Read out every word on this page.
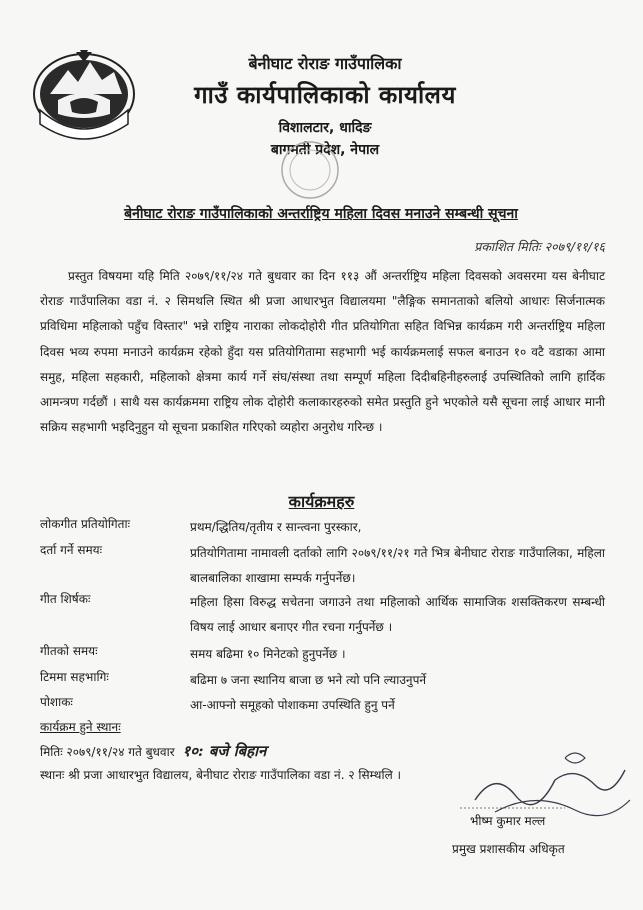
बेनीघाट रोराङ गाउँपालिका
गाउँ कार्यपालिकाको कार्यालय
विशालटार, धादिङ
बागमती प्रदेश, नेपाल
बेनीघाट रोराङ गाउँपालिकाको अन्तर्राष्ट्रिय महिला दिवस मनाउने सम्बन्धी सूचना
प्रकाशित मितिः २०७९/११/१६
प्रस्तुत विषयमा यहि मिति २०७९/११/२४ गते बुधवार का दिन ११३ औं अन्तर्राष्ट्रिय महिला दिवसको अवसरमा यस बेनीघाट रोराङ गाउँपालिका वडा नं. २ सिमथलि स्थित श्री प्रजा आधारभुत विद्यालयमा "लैङ्गिक समानताको बलियो आधारः सिर्जनात्मक प्रविधिमा महिलाको पहुँच विस्तार" भन्ने राष्ट्रिय नाराका लोकदोहोरी गीत प्रतियोगिता सहित विभिन्न कार्यक्रम गरी अन्तर्राष्ट्रिय महिला दिवस भव्य रुपमा मनाउने कार्यक्रम रहेको हुँदा यस प्रतियोगितामा सहभागी भई कार्यक्रमलाई सफल बनाउन १० वटै वडाका आमा समुह, महिला सहकारी, महिलाको क्षेत्रमा कार्य गर्ने संघ/संस्था तथा सम्पूर्ण महिला दिदीबहिनीहरुलाई उपस्थितिको लागि हार्दिक आमन्त्रण गर्दछौं । साथै यस कार्यक्रममा राष्ट्रिय लोक दोहोरी कलाकारहरुको समेत प्रस्तुति हुने भएकोले यसै सूचना लाई आधार मानी सक्रिय सहभागी भइदिनुहुन यो सूचना प्रकाशित गरिएको व्यहोरा अनुरोध गरिन्छ ।
कार्यक्रमहरु
लोकगीत प्रतियोगिताः	प्रथम/द्धितिय/तृतीय र सान्त्वना पुरस्कार,
दर्ता गर्ने समयः	प्रतियोगितामा नामावली दर्ताको लागि २०७९/११/२१ गते भित्र बेनीघाट रोराङ गाउँपालिका, महिला बालबालिका शाखामा सम्पर्क गर्नुपर्नेछ।
गीत शिर्षकः	महिला हिसा विरुद्ध सचेतना जगाउने तथा महिलाको आर्थिक सामाजिक शसक्तिकरण सम्बन्धी विषय लाई आधार बनाएर गीत रचना गर्नुपर्नेछ ।
गीतको समयः	समय बढिमा १० मिनेटको हुनुपर्नेछ ।
टिममा सहभागिः	बढिमा ७ जना स्थानिय बाजा छ भने त्यो पनि ल्याउनुपर्ने
पोशाकः	आ-आफ्नो समूहको पोशाकमा उपस्थिति हुनु पर्ने
कार्यक्रम हुने स्थानः
मितिः २०७९/११/२४ गते बुधवार १०: बजे बिहान
स्थानः श्री प्रजा आधारभुत विद्यालय, बेनीघाट रोराङ गाउँपालिका वडा नं. २ सिम्थलि ।
भीष्म कुमार मल्ल
प्रमुख प्रशासकीय अधिकृत
